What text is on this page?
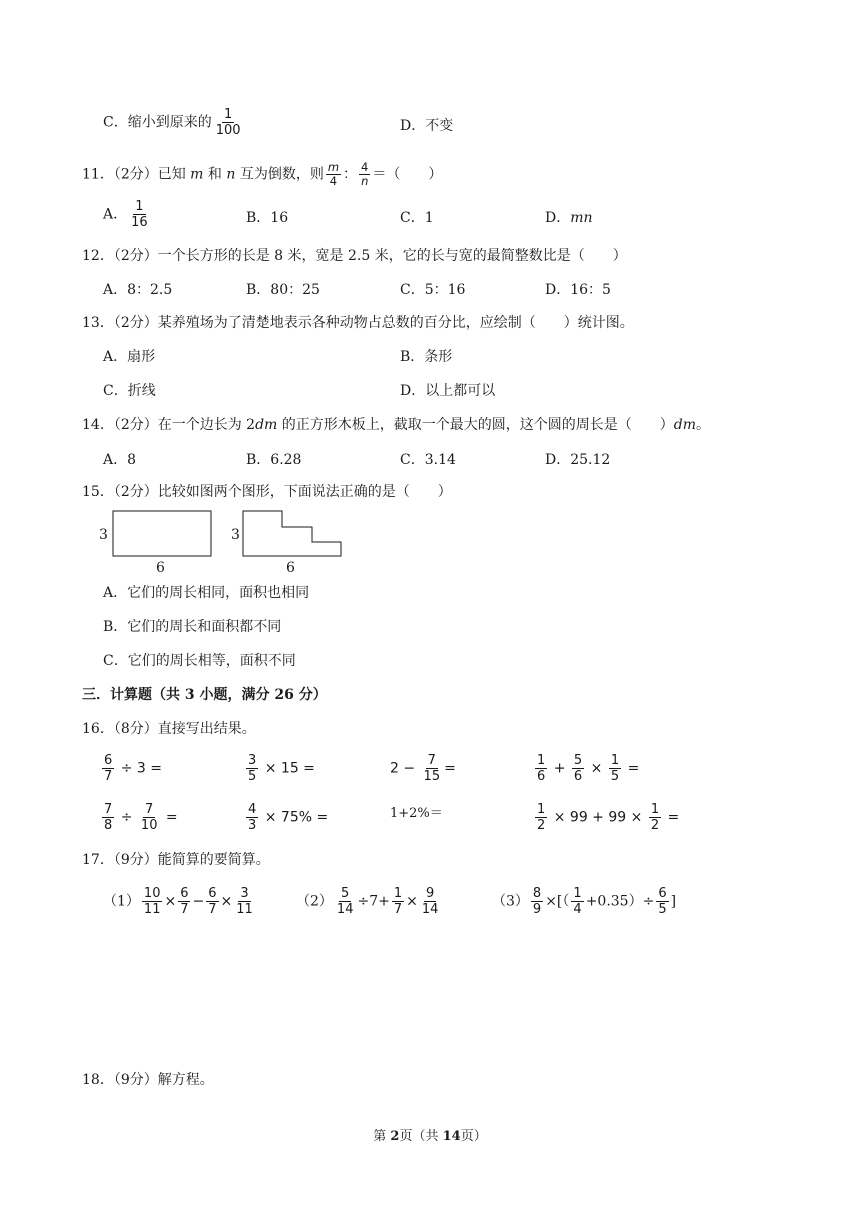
C．缩小到原来的 $\frac{1}{100}$	D．不变
11．（2分）已知 m 和 n 互为倒数，则 $\frac{m}{4}$ ： $\frac{4}{n}$ ＝（　　）
A． $\frac{1}{16}$	B．16	C．1	D．mn
12．（2分）一个长方形的长是 8 米，宽是 2.5 米，它的长与宽的最简整数比是（　　）
A．8：2.5	B．80：25	C．5：16	D．16：5
13．（2分）某养殖场为了清楚地表示各种动物占总数的百分比，应绘制（　　）统计图。
A．扇形	B．条形
C．折线	D．以上都可以
14．（2分）在一个边长为 2dm 的正方形木板上，截取一个最大的圆，这个圆的周长是（　　）dm。
A．8	B．6.28	C．3.14	D．25.12
15．（2分）比较如图两个图形，下面说法正确的是（　　）
3
6
3
6
A．它们的周长相同，面积也相同
B．它们的周长和面积都不同
C．它们的周长相等，面积不同
三．计算题（共 3 小题，满分 26 分）
16．（8分）直接写出结果。
$\frac{6}{7} \div 3$ =	$\frac{3}{5} \times 15$ =	$2 - \frac{7}{15}$ =	$\frac{1}{6} + \frac{5}{6} \times \frac{1}{5}$ =
$\frac{7}{8} \div \frac{7}{10}$ =	$\frac{4}{3} \times 75\%$ =	1+2%＝	$\frac{1}{2} \times 99 + 99 \times \frac{1}{2}$ =
17．（9分）能简算的要简算。
$(1) \frac{10}{11} \times \frac{6}{7} - \frac{6}{7} \times \frac{3}{11}$	$(2) \frac{5}{14} \div 7+ \frac{1}{7} \times \frac{9}{14}$	$(3) \frac{8}{9}$ ×[（ $\frac{1}{4} +0.35)\div \frac{6}{5}$ ]
18．（9分）解方程。
第 2页（共 14页）
